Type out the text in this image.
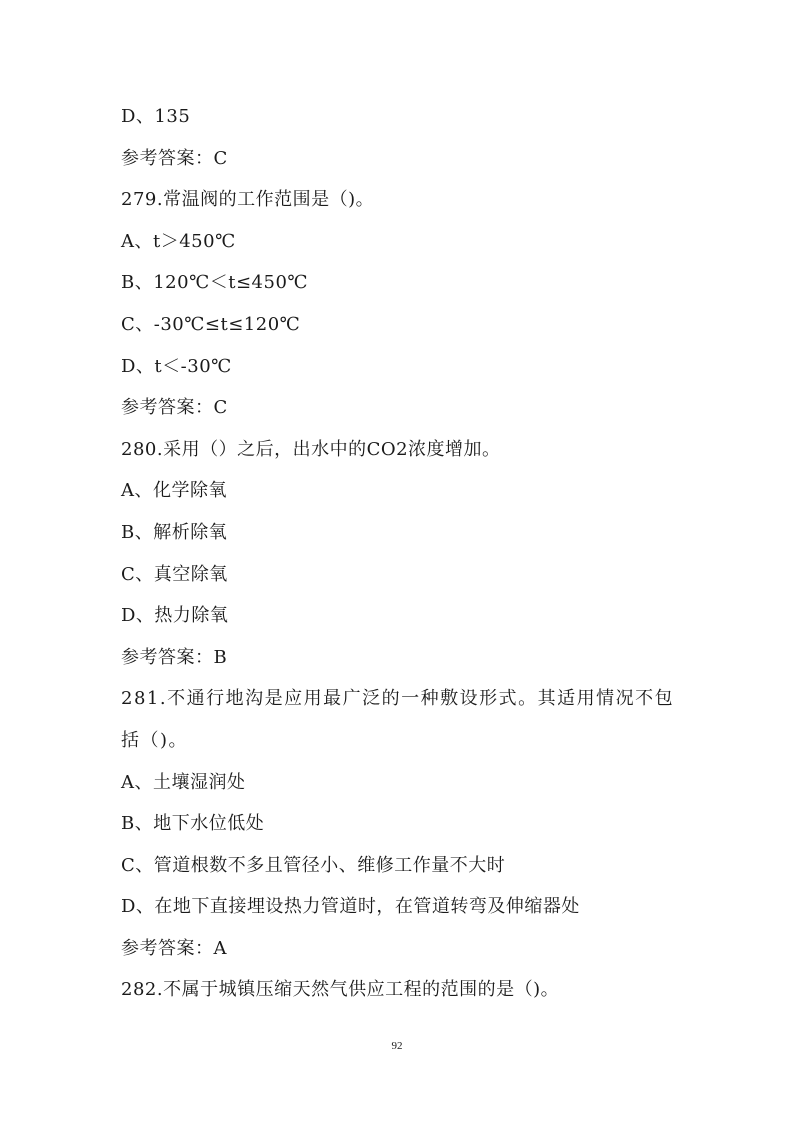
D、135
参考答案：C
279.常温阀的工作范围是（)。
A、t＞450℃
B、120℃＜t≤450℃
C、-30℃≤t≤120℃
D、t＜-30℃
参考答案：C
280.采用（）之后，出水中的CO2浓度增加。
A、化学除氧
B、解析除氧
C、真空除氧
D、热力除氧
参考答案：B
281.不通行地沟是应用最广泛的一种敷设形式。其适用情况不包括（)。
A、土壤湿润处
B、地下水位低处
C、管道根数不多且管径小、维修工作量不大时
D、在地下直接埋设热力管道时，在管道转弯及伸缩器处
参考答案：A
282.不属于城镇压缩天然气供应工程的范围的是（)。
92
